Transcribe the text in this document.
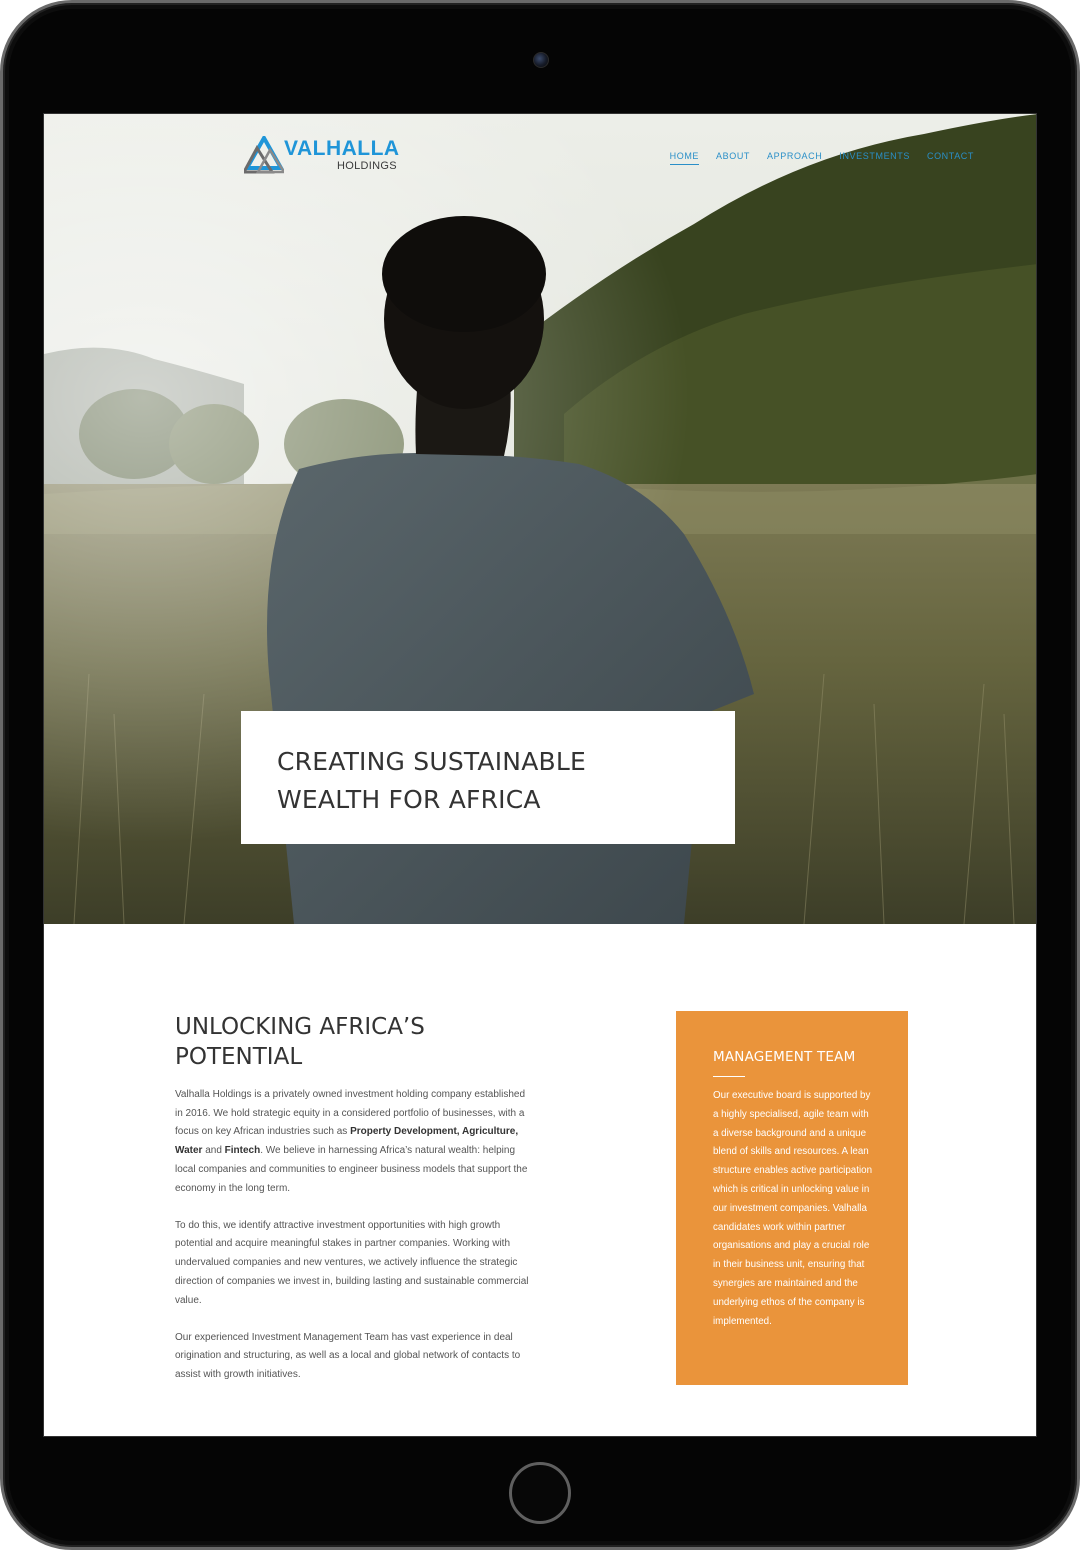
VALHALLA
HOLDINGS
HOME ABOUT APPROACH INVESTMENTS CONTACT
CREATING SUSTAINABLE
WEALTH FOR AFRICA
UNLOCKING AFRICA’S
POTENTIAL

Valhalla Holdings is a privately owned investment holding company established in 2016. We hold strategic equity in a considered portfolio of businesses, with a focus on key African industries such as Property Development, Agriculture, Water and Fintech. We believe in harnessing Africa’s natural wealth: helping local companies and communities to engineer business models that support the economy in the long term.

To do this, we identify attractive investment opportunities with high growth potential and acquire meaningful stakes in partner companies. Working with undervalued companies and new ventures, we actively influence the strategic direction of companies we invest in, building lasting and sustainable commercial value.

Our experienced Investment Management Team has vast experience in deal origination and structuring, as well as a local and global network of contacts to assist with growth initiatives.

MANAGEMENT TEAM

Our executive board is supported by a highly specialised, agile team with a diverse background and a unique blend of skills and resources. A lean structure enables active participation which is critical in unlocking value in our investment companies. Valhalla candidates work within partner organisations and play a crucial role in their business unit, ensuring that synergies are maintained and the underlying ethos of the company is implemented.
